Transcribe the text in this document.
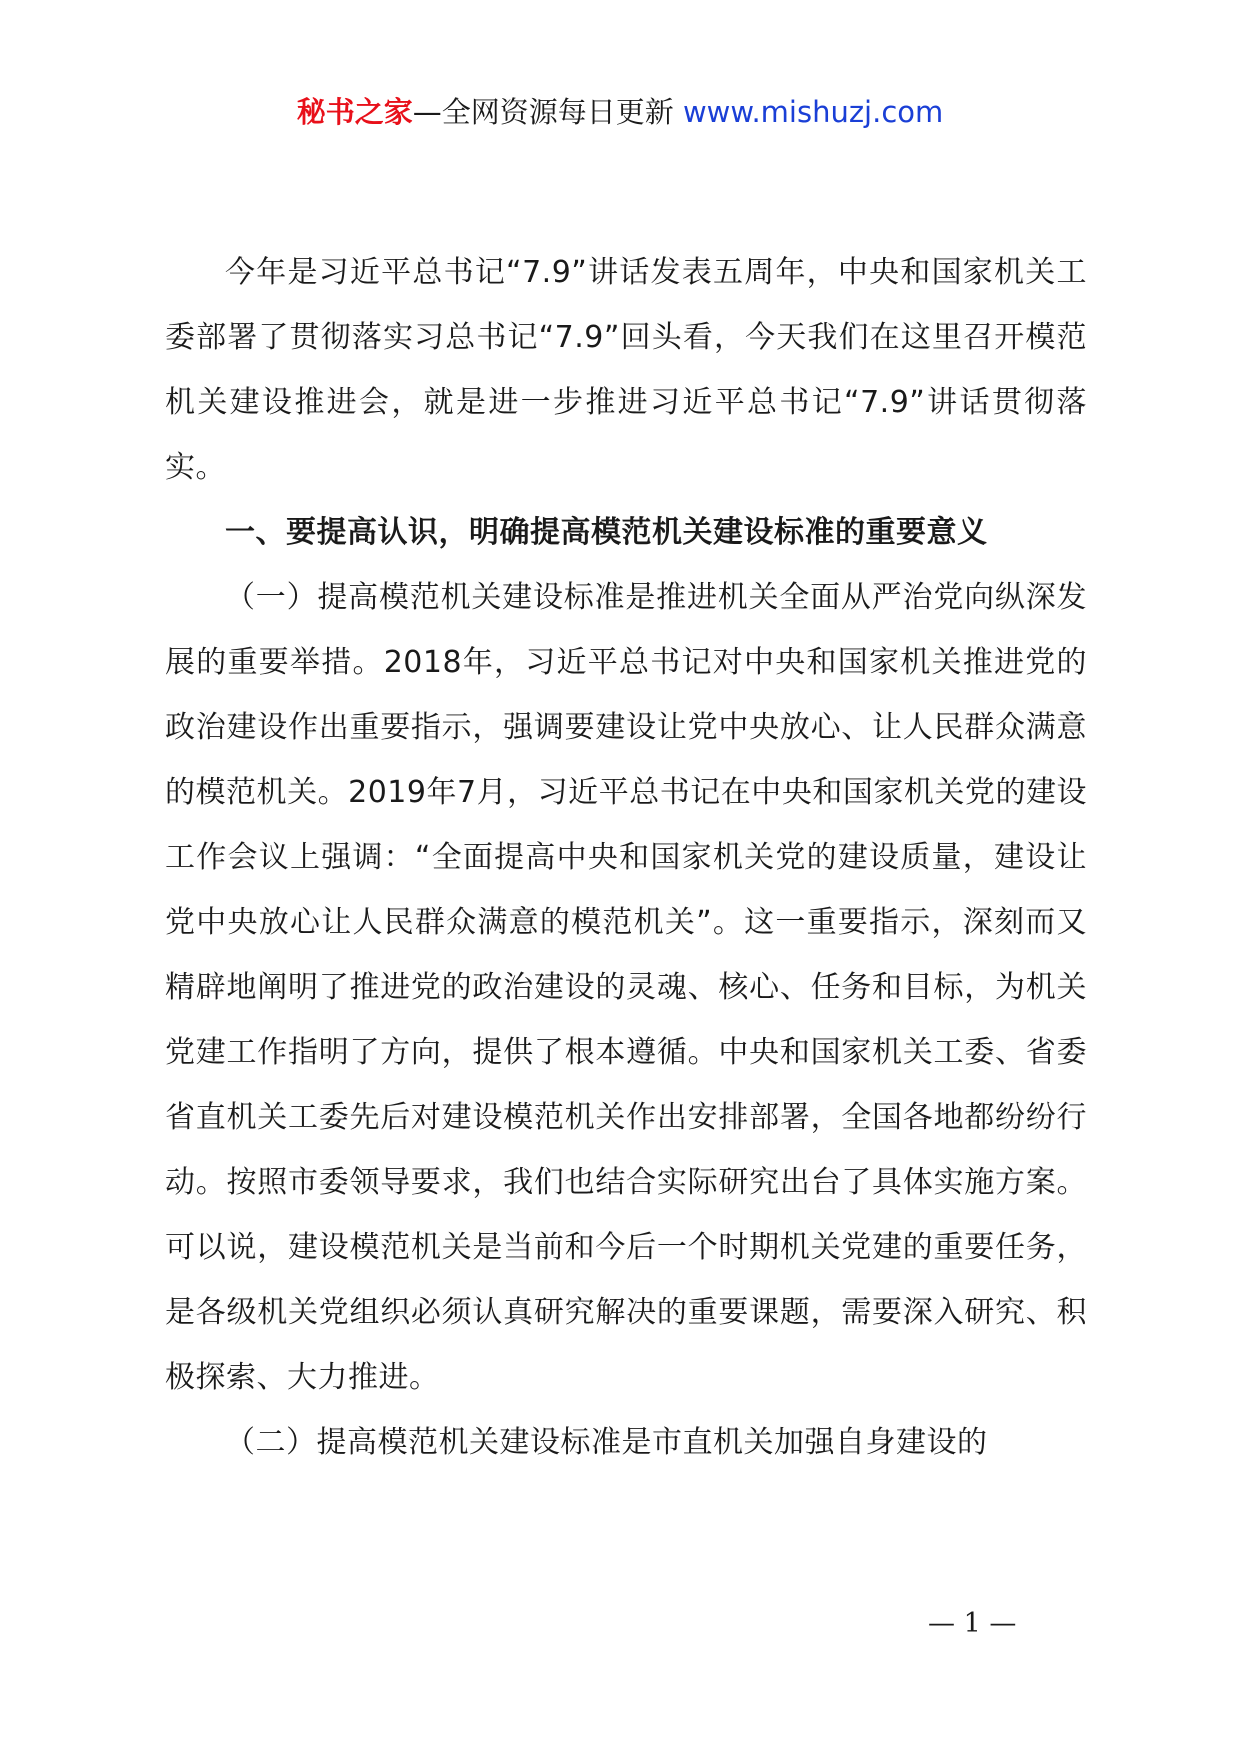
秘书之家—全网资源每日更新 www.mishuzj.com

今年是习近平总书记“7.9”讲话发表五周年，中央和国家机关工委部署了贯彻落实习总书记“7.9”回头看，今天我们在这里召开模范机关建设推进会，就是进一步推进习近平总书记“7.9”讲话贯彻落实。

一、要提高认识，明确提高模范机关建设标准的重要意义

（一）提高模范机关建设标准是推进机关全面从严治党向纵深发展的重要举措。2018年，习近平总书记对中央和国家机关推进党的政治建设作出重要指示，强调要建设让党中央放心、让人民群众满意的模范机关。2019年7月，习近平总书记在中央和国家机关党的建设工作会议上强调：“全面提高中央和国家机关党的建设质量，建设让党中央放心让人民群众满意的模范机关”。这一重要指示，深刻而又精辟地阐明了推进党的政治建设的灵魂、核心、任务和目标，为机关党建工作指明了方向，提供了根本遵循。中央和国家机关工委、省委省直机关工委先后对建设模范机关作出安排部署，全国各地都纷纷行动。按照市委领导要求，我们也结合实际研究出台了具体实施方案。可以说，建设模范机关是当前和今后一个时期机关党建的重要任务，是各级机关党组织必须认真研究解决的重要课题，需要深入研究、积极探索、大力推进。

（二）提高模范机关建设标准是市直机关加强自身建设的

— 1 —
